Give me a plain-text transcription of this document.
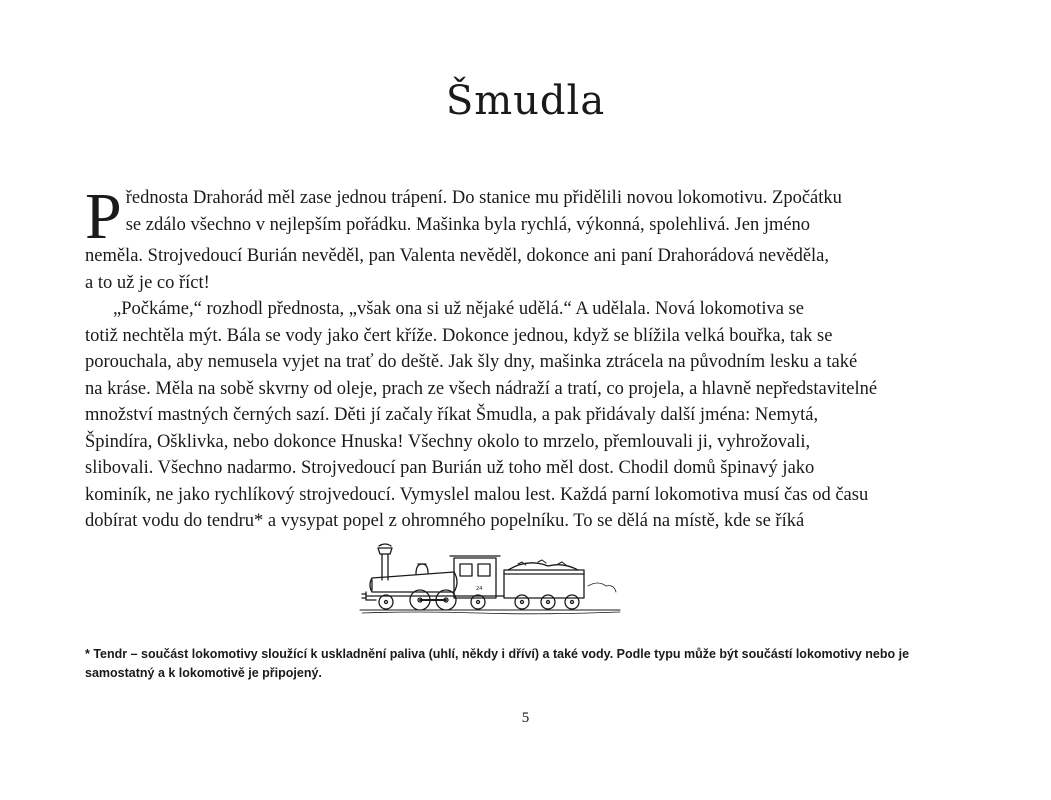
Šmudla
P řednosta Drahorád měl zase jednou trápení. Do stanice mu přidělili novou lokomotivu. Zpočátku
se zdálo všechno v nejlepším pořádku. Mašinka byla rychlá, výkonná, spolehlivá. Jen jméno
neměla. Strojvedoucí Burián nevěděl, pan Valenta nevěděl, dokonce ani paní Drahorádová nevěděla,
a to už je co říct!
„Počkáme,“ rozhodl přednosta, „však ona si už nějaké udělá.“ A udělala. Nová lokomotiva se
totiž nechtěla mýt. Bála se vody jako čert kříže. Dokonce jednou, když se blížila velká bouřka, tak se
porouchala, aby nemusela vyjet na trať do deště. Jak šly dny, mašinka ztrácela na původním lesku a také
na kráse. Měla na sobě skvrny od oleje, prach ze všech nádraží a tratí, co projela, a hlavně nepředstavitelné
množství mastných černých sazí. Děti jí začaly říkat Šmudla, a pak přidávaly další jména: Nemytá,
Špindíra, Ošklivka, nebo dokonce Hnuska! Všechny okolo to mrzelo, přemlouvali ji, vyhrožovali,
slibovali. Všechno nadarmo. Strojvedoucí pan Burián už toho měl dost. Chodil domů špinavý jako
kominík, ne jako rychlíkový strojvedoucí. Vymyslel malou lest. Každá parní lokomotiva musí čas od času
dobírat vodu do tendru* a vysypat popel z ohromného popelníku. To se dělá na místě, kde se říká
24
* Tendr – součást lokomotivy sloužící k uskladnění paliva (uhlí, někdy i dříví) a také vody. Podle typu může být součástí lokomotivy nebo je
samostatný a k lokomotivě je připojený.
5
